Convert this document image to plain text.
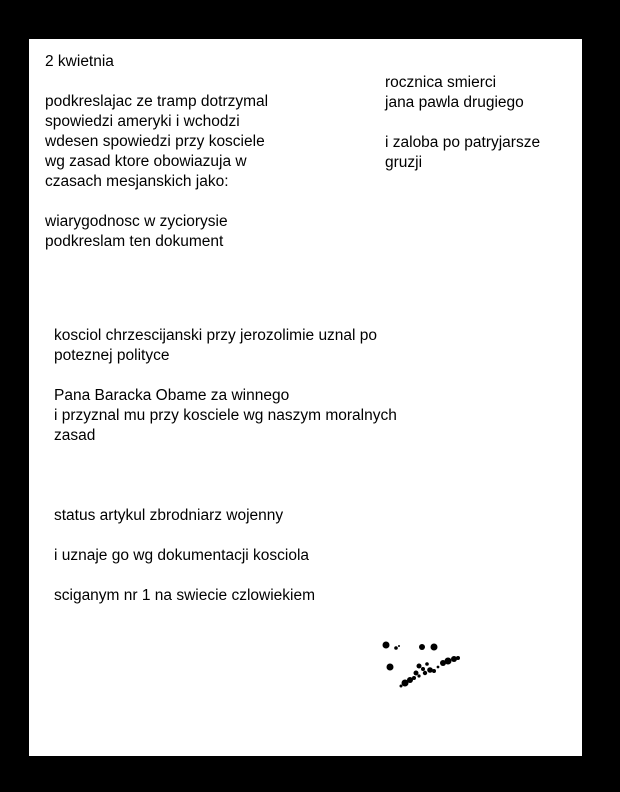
2 kwietnia

podkreslajac ze tramp dotrzymal
spowiedzi ameryki i wchodzi
wdesen spowiedzi przy kosciele
wg zasad ktore obowiazuja w
czasach mesjanskich jako:

wiarygodnosc w zyciorysie
podkreslam ten dokument

rocznica smierci
jana pawla drugiego

i zaloba po patryjarsze
gruzji

kosciol chrzescijanski przy jerozolimie uznal po
poteznej polityce

Pana Baracka Obame za winnego
i przyznal mu przy kosciele wg naszym moralnych
zasad

status artykul zbrodniarz wojenny

i uznaje go wg dokumentacji kosciola

sciganym nr 1 na swiecie czlowiekiem
